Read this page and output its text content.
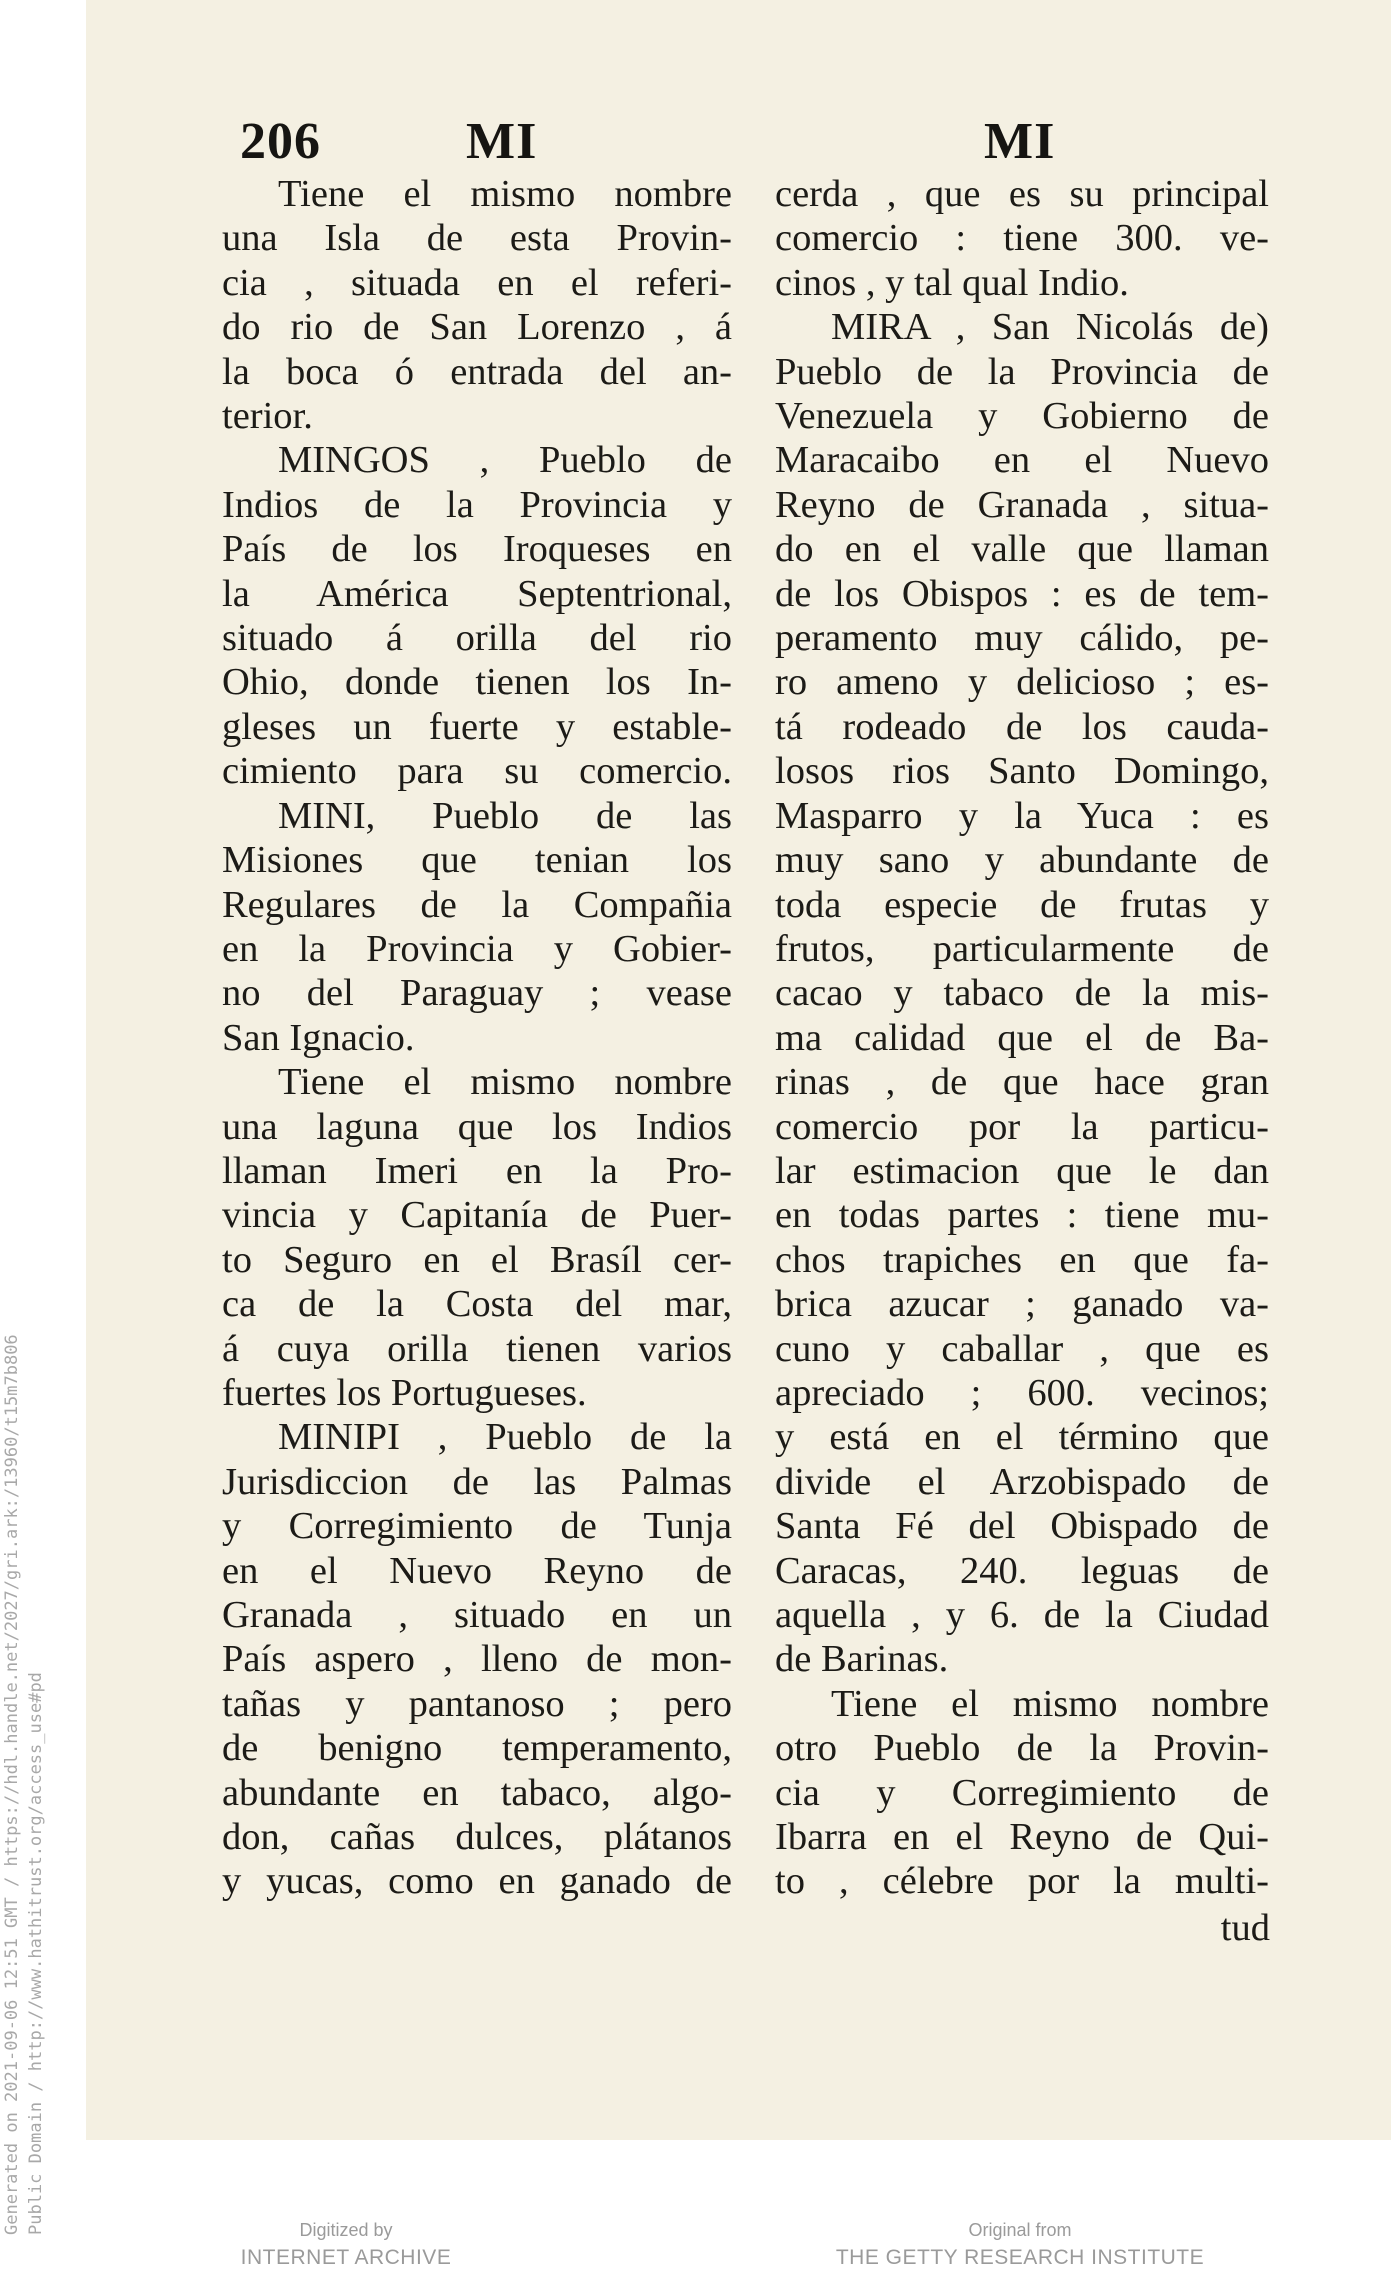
206	MI	MI
Tiene el mismo nombre
una Isla de esta Provin-
cia , situada en el referi-
do rio de San Lorenzo , á
la boca ó entrada del an-
terior.
MINGOS , Pueblo de
Indios de la Provincia y
País de los Iroqueses en
la América Septentrional,
situado á orilla del rio
Ohio, donde tienen los In-
gleses un fuerte y estable-
cimiento para su comercio.
MINI, Pueblo de las
Misiones que tenian los
Regulares de la Compañia
en la Provincia y Gobier-
no del Paraguay ; vease
San Ignacio.
Tiene el mismo nombre
una laguna que los Indios
llaman Imeri en la Pro-
vincia y Capitanía de Puer-
to Seguro en el Brasíl cer-
ca de la Costa del mar,
á cuya orilla tienen varios
fuertes los Portugueses.
MINIPI , Pueblo de la
Jurisdiccion de las Palmas
y Corregimiento de Tunja
en el Nuevo Reyno de
Granada , situado en un
País aspero , lleno de mon-
tañas y pantanoso ; pero
de benigno temperamento,
abundante en tabaco, algo-
don, cañas dulces, plátanos
y yucas, como en ganado de
cerda , que es su principal
comercio : tiene 300. ve-
cinos , y tal qual Indio.
MIRA , San Nicolás de)
Pueblo de la Provincia de
Venezuela y Gobierno de
Maracaibo en el Nuevo
Reyno de Granada , situa-
do en el valle que llaman
de los Obispos : es de tem-
peramento muy cálido, pe-
ro ameno y delicioso ; es-
tá rodeado de los cauda-
losos rios Santo Domingo,
Masparro y la Yuca : es
muy sano y abundante de
toda especie de frutas y
frutos, particularmente de
cacao y tabaco de la mis-
ma calidad que el de Ba-
rinas , de que hace gran
comercio por la particu-
lar estimacion que le dan
en todas partes : tiene mu-
chos trapiches en que fa-
brica azucar ; ganado va-
cuno y caballar , que es
apreciado ; 600. vecinos;
y está en el término que
divide el Arzobispado de
Santa Fé del Obispado de
Caracas, 240. leguas de
aquella , y 6. de la Ciudad
de Barinas.
Tiene el mismo nombre
otro Pueblo de la Provin-
cia y Corregimiento de
Ibarra en el Reyno de Qui-
to , célebre por la multi-
tud
Generated on 2021-09-06 12:51 GMT / https://hdl.handle.net/2027/gri.ark:/13960/t15m7b806 Public Domain / http://www.hathitrust.org/access_use#pd	Digitized by
INTERNET ARCHIVE
Original from
THE GETTY RESEARCH INSTITUTE
